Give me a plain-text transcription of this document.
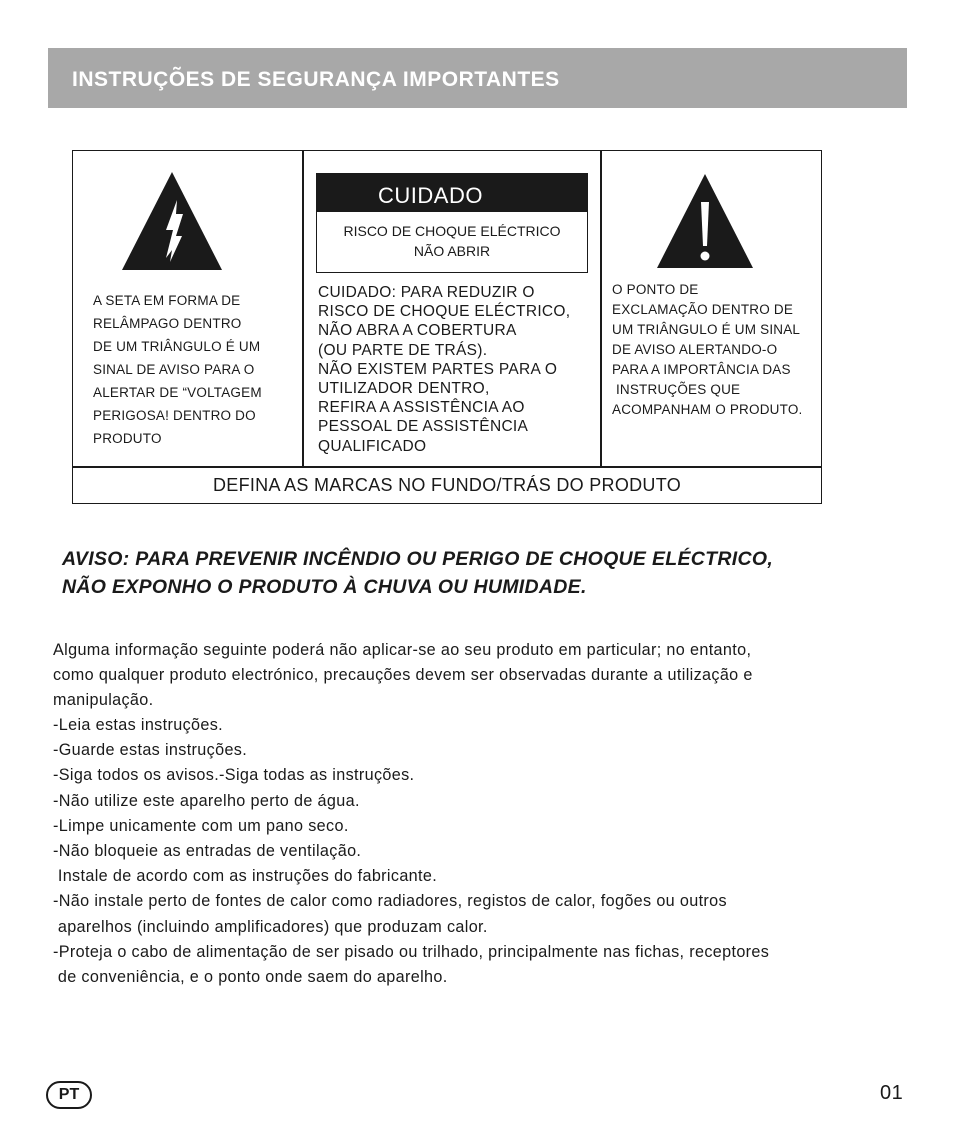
INSTRUÇÕES DE SEGURANÇA IMPORTANTES
A SETA EM FORMA DE
RELÂMPAGO DENTRO
DE UM TRIÂNGULO É UM
SINAL DE AVISO PARA O
ALERTAR DE “VOLTAGEM
PERIGOSA! DENTRO DO
PRODUTO
CUIDADO
RISCO DE CHOQUE ELÉCTRICO
NÃO ABRIR
CUIDADO: PARA REDUZIR O
RISCO DE CHOQUE ELÉCTRICO,
NÃO ABRA A COBERTURA
(OU PARTE DE TRÁS).
NÃO EXISTEM PARTES PARA O
UTILIZADOR DENTRO,
REFIRA A ASSISTÊNCIA AO
PESSOAL DE ASSISTÊNCIA
QUALIFICADO
O PONTO DE
EXCLAMAÇÃO DENTRO DE
UM TRIÂNGULO É UM SINAL
DE AVISO ALERTANDO-O
PARA A IMPORTÂNCIA DAS
INSTRUÇÕES QUE
ACOMPANHAM O PRODUTO.
DEFINA AS MARCAS NO FUNDO/TRÁS DO PRODUTO

AVISO: PARA PREVENIR INCÊNDIO OU PERIGO DE CHOQUE ELÉCTRICO,
NÃO EXPONHO O PRODUTO À CHUVA OU HUMIDADE.

Alguma informação seguinte poderá não aplicar-se ao seu produto em particular; no entanto,
como qualquer produto electrónico, precauções devem ser observadas durante a utilização e
manipulação.

-Leia estas instruções.
-Guarde estas instruções.
-Siga todos os avisos.-Siga todas as instruções.
-Não utilize este aparelho perto de água.
-Limpe unicamente com um pano seco.
-Não bloqueie as entradas de ventilação.
Instale de acordo com as instruções do fabricante.
-Não instale perto de fontes de calor como radiadores, registos de calor, fogões ou outros
aparelhos (incluindo amplificadores) que produzam calor.
-Proteja o cabo de alimentação de ser pisado ou trilhado, principalmente nas fichas, receptores
de conveniência, e o ponto onde saem do aparelho.
PT	01
